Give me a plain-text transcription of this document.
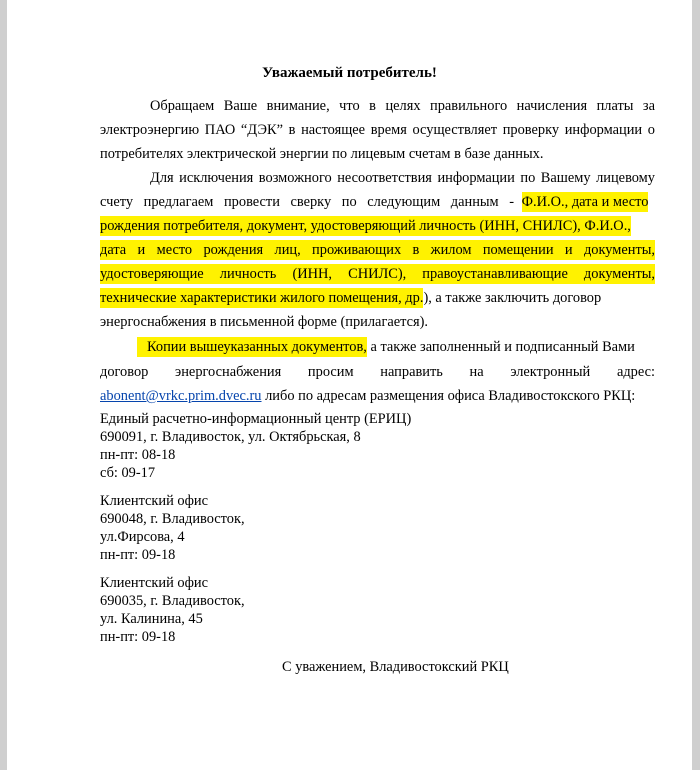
Уважаемый потребитель!
Обращаем Ваше внимание, что в целях правильного начисления платы за
электроэнергию ПАО “ДЭК” в настоящее время осуществляет проверку информации о
потребителях электрической энергии по лицевым счетам в базе данных.
Для исключения возможного несоответствия информации по Вашему лицевому
счету предлагаем провести сверку по следующим данным - Ф.И.О., дата и место
рождения потребителя, документ, удостоверяющий личность (ИНН, СНИЛС), Ф.И.О.,
дата и место рождения лиц, проживающих в жилом помещении и документы,
удостоверяющие личность (ИНН, СНИЛС), правоустанавливающие документы,
технические характеристики жилого помещения, др.), а также заключить договор
энергоснабжения в письменной форме (прилагается).
Копии вышеуказанных документов, а также заполненный и подписанный Вами
договор энергоснабжения просим направить на электронный адрес:
abonent@vrkc.prim.dvec.ru либо по адресам размещения офиса Владивостокского РКЦ:
Единый расчетно-информационный центр (ЕРИЦ)
690091, г. Владивосток, ул. Октябрьская, 8
пн-пт: 08-18
сб: 09-17
Клиентский офис
690048, г. Владивосток,
ул.Фирсова, 4
пн-пт: 09-18
Клиентский офис
690035, г. Владивосток,
ул. Калинина, 45
пн-пт: 09-18
С уважением, Владивостокский РКЦ
